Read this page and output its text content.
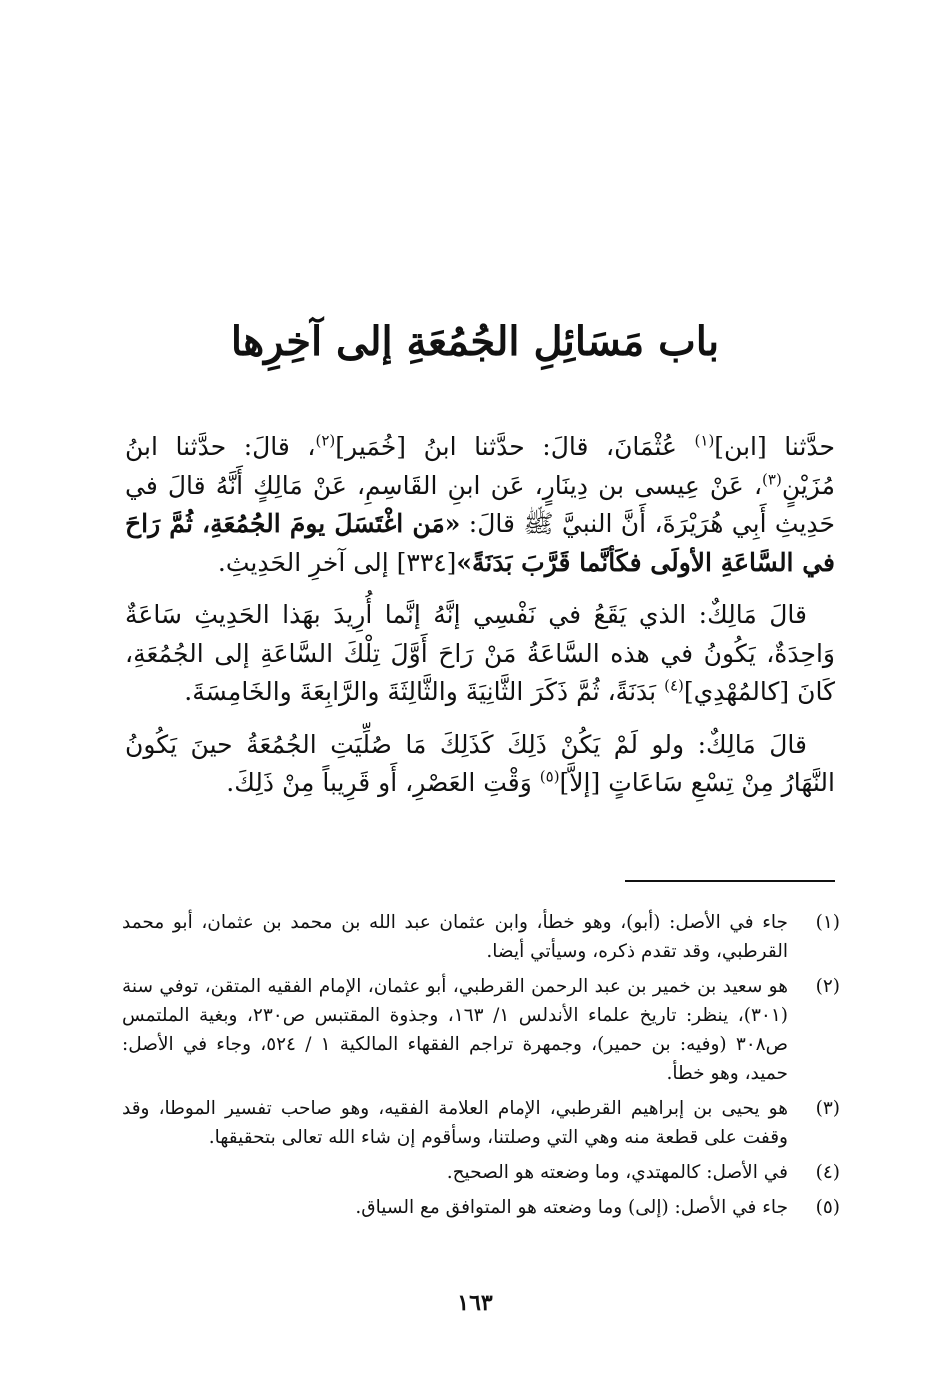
باب مَسَائِلِ الجُمُعَةِ إلى آخِرِها

حدَّثنا [ابن]$^{(١)}$ عُثْمَانَ، قالَ: حدَّثنا ابنُ [خُمَير]$^{(٢)}$، قالَ: حدَّثنا ابنُ مُزَيْنٍ$^{(٣)}$، عَنْ عِيسى بن دِينَارٍ، عَن ابنِ القَاسِمِ، عَنْ مَالِكٍ أَنَّهُ قالَ في حَدِيثِ أَبِي هُرَيْرَةَ، أَنَّ النبيَّ ﷺ قالَ: «مَن اغْتَسَلَ يومَ الجُمُعَةِ، ثُمَّ رَاحَ في السَّاعَةِ الأولَى فكَأنَّما قَرَّبَ بَدَنَةً»[٣٣٤] إلى آخرِ الحَدِيثِ.

قالَ مَالِكٌ: الذي يَقَعُ في نَفْسِي إنَّهُ إنَّما أُرِيدَ بهَذا الحَدِيثِ سَاعَةٌ وَاحِدَةٌ، يَكُونُ في هذه السَّاعَةُ مَنْ رَاحَ أَوَّلَ تِلْكَ السَّاعَةِ إلى الجُمُعَةِ، كَانَ [كالمُهْدِي]$^{(٤)}$ بَدَنَةً، ثُمَّ ذَكَرَ الثَّانِيَةَ والثَّالِثَةَ والرَّابِعَةَ والخَامِسَةَ.

قالَ مَالِكٌ: ولو لَمْ يَكُنْ ذَلِكَ كَذَلِكَ مَا صُلِّيَتِ الجُمُعَةُ حينَ يَكُونُ النَّهَارُ مِنْ تِسْعِ سَاعَاتٍ [إلاَّ]$^{(٥)}$ وَقْتِ العَصْرِ، أَو قَرِيباً مِنْ ذَلِكَ.

(١)
جاء في الأصل: (أبو)، وهو خطأ، وابن عثمان عبد الله بن محمد بن عثمان، أبو محمد القرطبي، وقد تقدم ذكره، وسيأتي أيضا.
(٢)
هو سعيد بن خمير بن عبد الرحمن القرطبي، أبو عثمان، الإمام الفقيه المتقن، توفي سنة (٣٠١)، ينظر: تاريخ علماء الأندلس ١/ ١٦٣، وجذوة المقتبس ص٢٣٠، وبغية الملتمس ص٣٠٨ (وفيه: بن حمير)، وجمهرة تراجم الفقهاء المالكية ١ / ٥٢٤، وجاء في الأصل: حميد، وهو خطأ.
(٣)
هو يحيى بن إبراهيم القرطبي، الإمام العلامة الفقيه، وهو صاحب تفسير الموطا، وقد وقفت على قطعة منه وهي التي وصلتنا، وسأقوم إن شاء الله تعالى بتحقيقها.
(٤)
في الأصل: كالمهتدي، وما وضعته هو الصحيح.
(٥)
جاء في الأصل: (إلى) وما وضعته هو المتوافق مع السياق.
١٦٣
